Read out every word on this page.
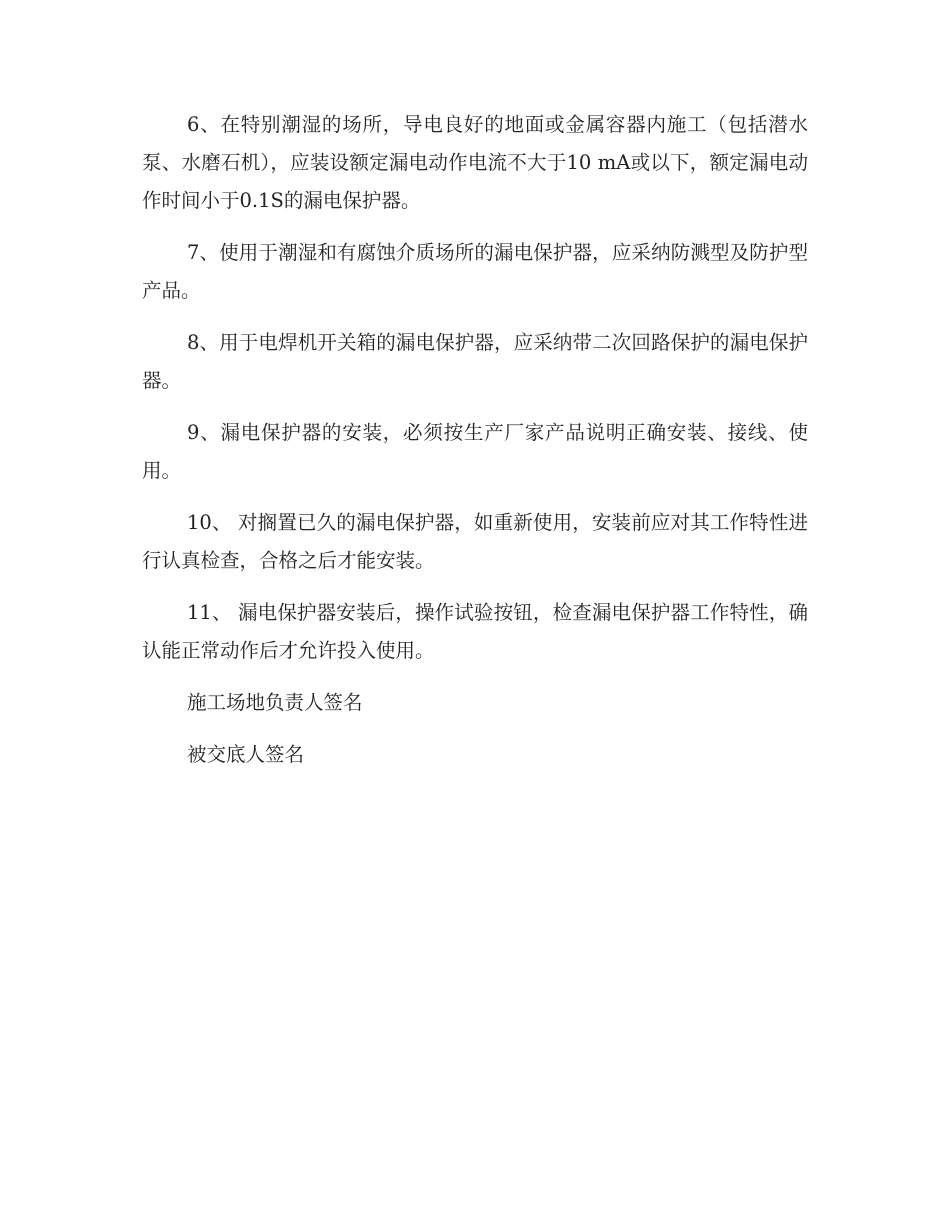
6、在特别潮湿的场所，导电良好的地面或金属容器内施工（包括潜水泵、水磨石机），应装设额定漏电动作电流不大于10 mA或以下，额定漏电动作时间小于0.1S的漏电保护器。

7、使用于潮湿和有腐蚀介质场所的漏电保护器，应采纳防溅型及防护型产品。

8、用于电焊机开关箱的漏电保护器，应采纳带二次回路保护的漏电保护器。

9、漏电保护器的安装，必须按生产厂家产品说明正确安装、接线、使用。

10、 对搁置已久的漏电保护器，如重新使用，安装前应对其工作特性进行认真检查，合格之后才能安装。

11、 漏电保护器安装后，操作试验按钮，检查漏电保护器工作特性，确认能正常动作后才允许投入使用。

施工场地负责人签名

被交底人签名
